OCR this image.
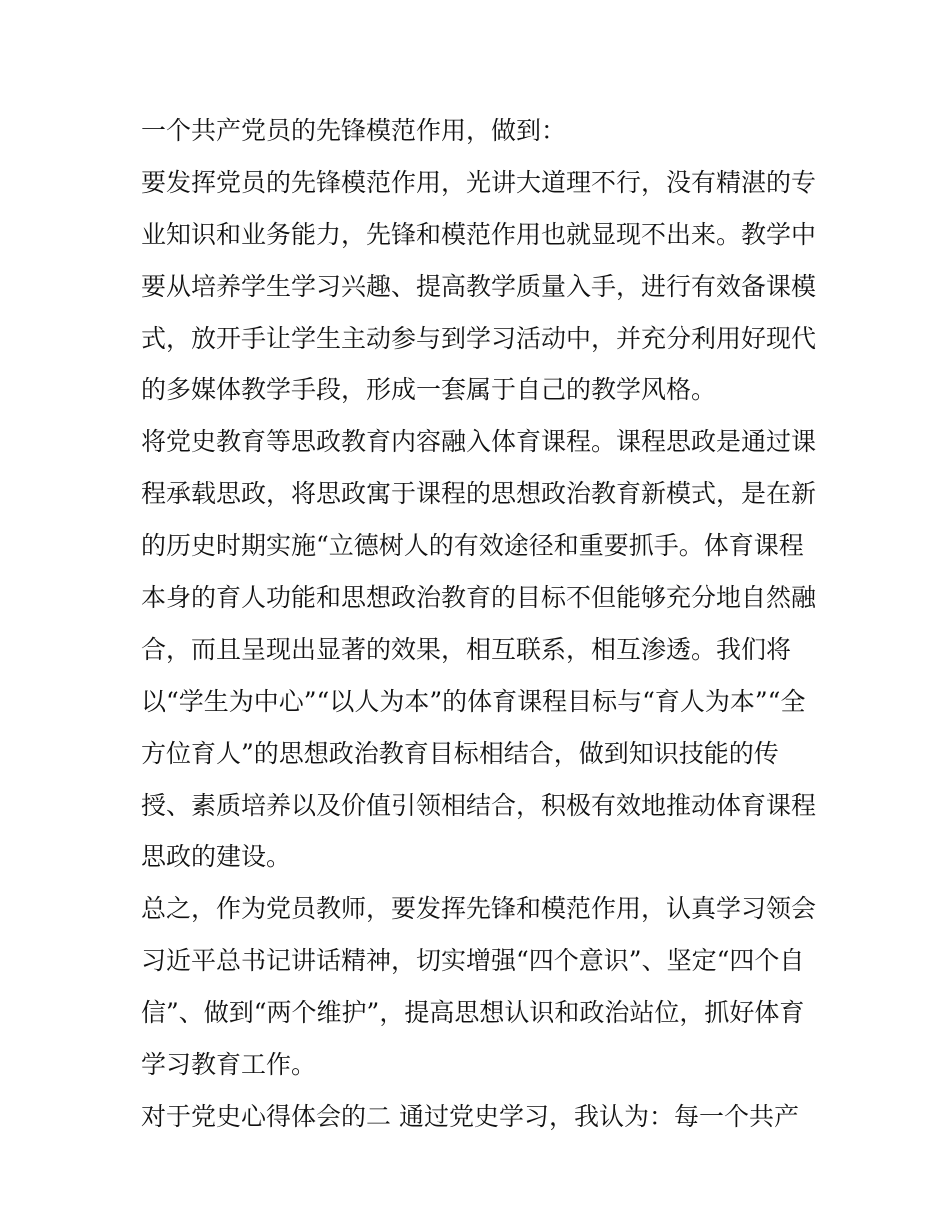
一个共产党员的先锋模范作用，做到：
要发挥党员的先锋模范作用，光讲大道理不行，没有精湛的专
业知识和业务能力，先锋和模范作用也就显现不出来。教学中
要从培养学生学习兴趣、提高教学质量入手，进行有效备课模
式，放开手让学生主动参与到学习活动中，并充分利用好现代
的多媒体教学手段，形成一套属于自己的教学风格。
将党史教育等思政教育内容融入体育课程。课程思政是通过课
程承载思政，将思政寓于课程的思想政治教育新模式，是在新
的历史时期实施“立德树人的有效途径和重要抓手。体育课程
本身的育人功能和思想政治教育的目标不但能够充分地自然融
合，而且呈现出显著的效果，相互联系，相互渗透。我们将
以“学生为中心”“以人为本”的体育课程目标与“育人为本”“全
方位育人”的思想政治教育目标相结合，做到知识技能的传
授、素质培养以及价值引领相结合，积极有效地推动体育课程
思政的建设。
总之，作为党员教师，要发挥先锋和模范作用，认真学习领会
习近平总书记讲话精神，切实增强“四个意识”、坚定“四个自
信”、做到“两个维护”，提高思想认识和政治站位，抓好体育
学习教育工作。
对于党史心得体会的二 通过党史学习，我认为：每一个共产
